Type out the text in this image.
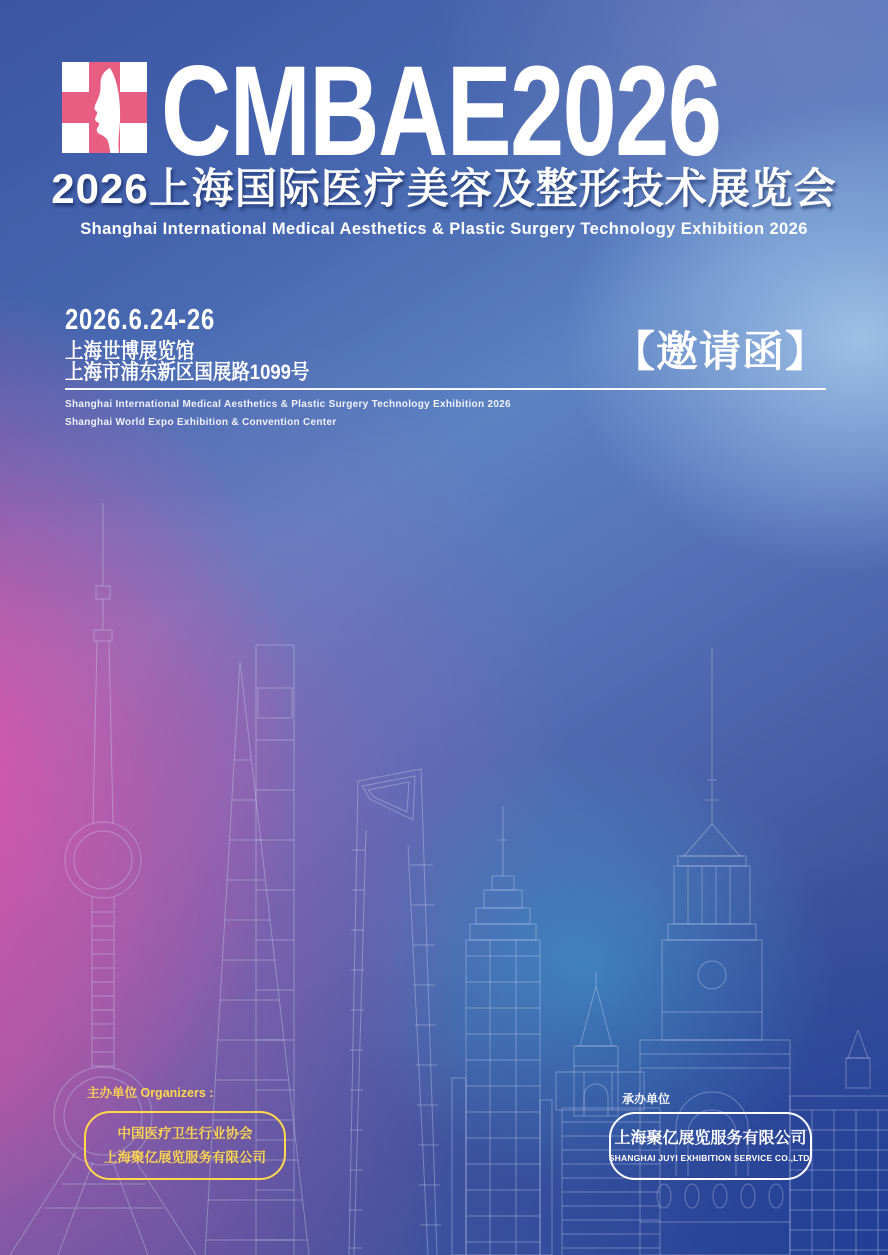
CMBAE2026
2026上海国际医疗美容及整形技术展览会
Shanghai International Medical Aesthetics & Plastic Surgery Technology Exhibition 2026
2026.6.24-26
上海世博展览馆
上海市浦东新区国展路1099号	【邀请函】
Shanghai International Medical Aesthetics & Plastic Surgery Technology Exhibition 2026
Shanghai World Expo Exhibition & Convention Center
主办单位 Organizers :
中国医疗卫生行业协会
上海聚亿展览服务有限公司
承办单位
上海聚亿展览服务有限公司
SHANGHAI JUYI EXHIBITION SERVICE CO.,LTD.
